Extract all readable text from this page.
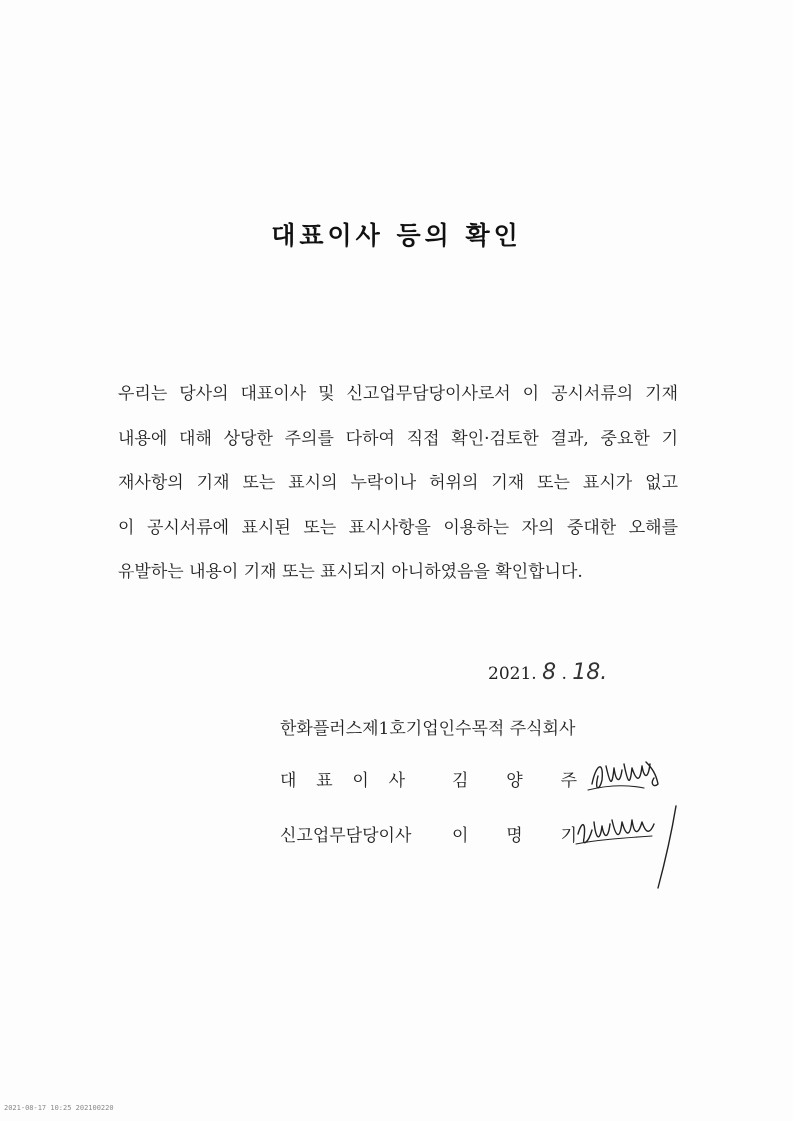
대표이사 등의 확인
우리는 당사의 대표이사 및 신고업무담당이사로서 이 공시서류의 기재
내용에 대해 상당한 주의를 다하여 직접 확인·검토한 결과, 중요한 기
재사항의 기재 또는 표시의 누락이나 허위의 기재 또는 표시가 없고
이 공시서류에 표시된 또는 표시사항을 이용하는 자의 중대한 오해를
유발하는 내용이 기재 또는 표시되지 아니하였음을 확인합니다.
2021. 8 . 18.
한화플러스제1호기업인수목적 주식회사
대 표 이 사	김 양 주
신고업무담당이사 이 명 기
2021-08-17 10:25 202100220
